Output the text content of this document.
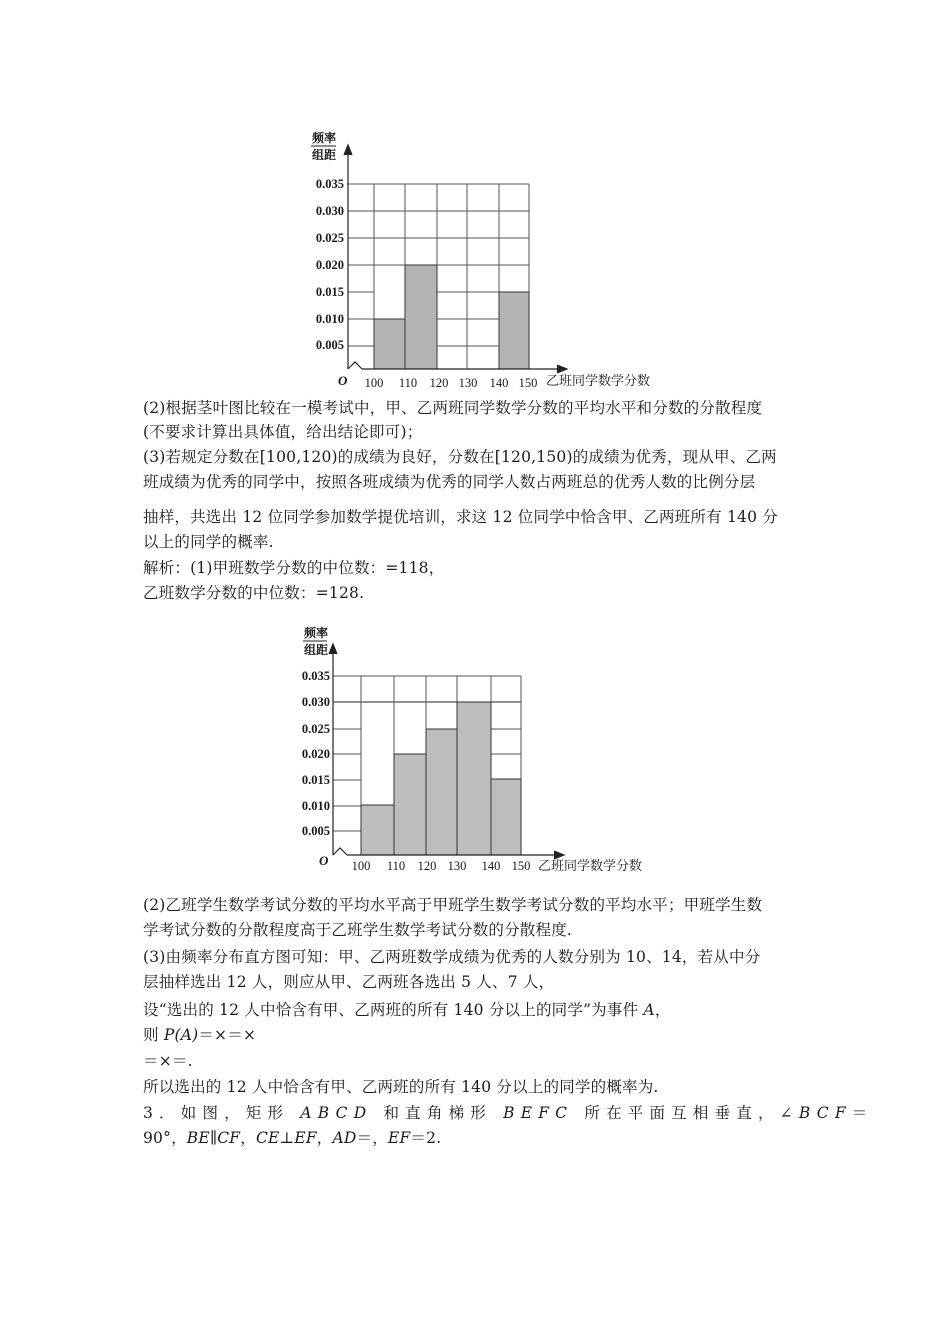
0.005
0.010
0.015
0.020
0.025
0.030
0.035
频率
组距
O 100 110 120 130 140 150 乙班同学数学分数
(2)根据茎叶图比较在一模考试中，甲、乙两班同学数学分数的平均水平和分数的分散程度
(不要求计算出具体值，给出结论即可)；
(3)若规定分数在[100,120)的成绩为良好，分数在[120,150)的成绩为优秀，现从甲、乙两
班成绩为优秀的同学中，按照各班成绩为优秀的同学人数占两班总的优秀人数的比例分层
抽样，共选出 12 位同学参加数学提优培训，求这 12 位同学中恰含甲、乙两班所有 140 分
以上的同学的概率.
解析：(1)甲班数学分数的中位数：=118，
乙班数学分数的中位数：=128.
0.005
0.010
0.015
0.020
0.025
0.030
0.035
频率
组距
O 100 110 120 130 140 150 乙班同学数学分数
(2)乙班学生数学考试分数的平均水平高于甲班学生数学考试分数的平均水平；甲班学生数
学考试分数的分散程度高于乙班学生数学考试分数的分散程度.
(3)由频率分布直方图可知：甲、乙两班数学成绩为优秀的人数分别为 10、14，若从中分
层抽样选出 12 人，则应从甲、乙两班各选出 5 人、7 人，
设“选出的 12 人中恰含有甲、乙两班的所有 140 分以上的同学”为事件 A，
则 P(A)＝×＝×
＝×＝.
所以选出的 12 人中恰含有甲、乙两班的所有 140 分以上的同学的概率为.
3．如图，矩形 ABCD 和直角梯形 BEFC 所在平面互相垂直，∠BCF＝
90°，BE∥CF，CE⊥EF，AD＝，EF＝2.
